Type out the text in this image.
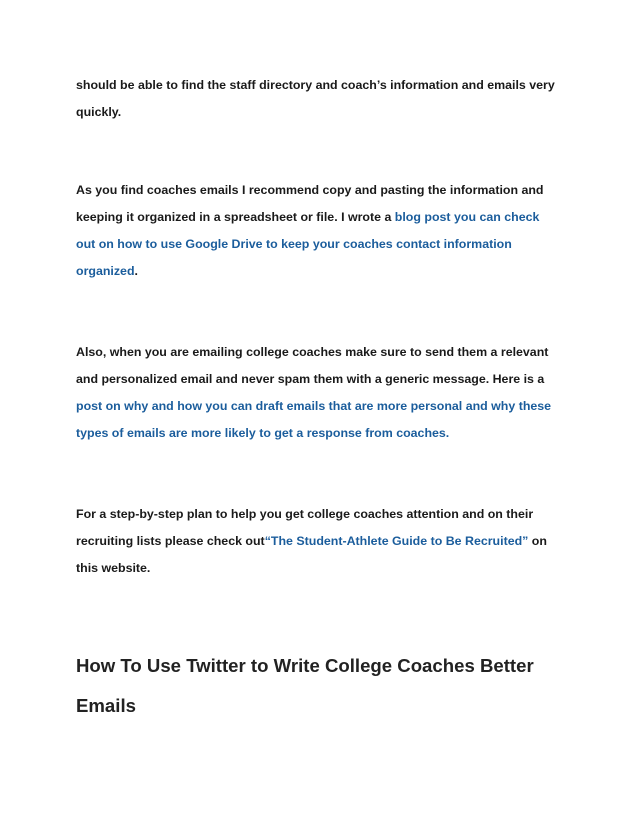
should be able to find the staff directory and coach’s information and emails very
quickly.

As you find coaches emails I recommend copy and pasting the information and
keeping it organized in a spreadsheet or file. I wrote a blog post you can check
out on how to use Google Drive to keep your coaches contact information
organized.

Also, when you are emailing college coaches make sure to send them a relevant
and personalized email and never spam them with a generic message. Here is a
post on why and how you can draft emails that are more personal and why these
types of emails are more likely to get a response from coaches.

For a step-by-step plan to help you get college coaches attention and on their
recruiting lists please check out“The Student-Athlete Guide to Be Recruited” on
this website.

How To Use Twitter to Write College Coaches Better
Emails
